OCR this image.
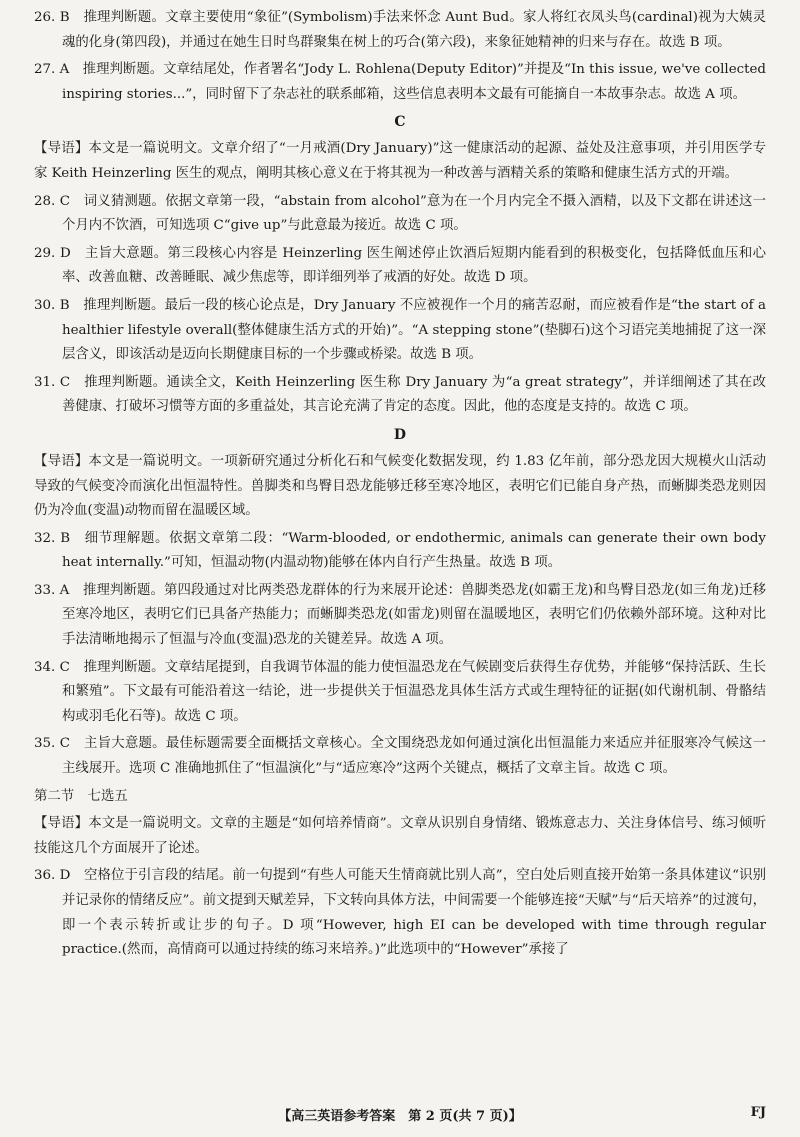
26. B　推理判断题。文章主要使用“象征”(Symbolism)手法来怀念 Aunt Bud。家人将红衣凤头鸟(cardinal)视为大姨灵魂的化身(第四段)，并通过在她生日时鸟群聚集在树上的巧合(第六段)，来象征她精神的归来与存在。故选 B 项。

27. A　推理判断题。文章结尾处，作者署名“Jody L. Rohlena(Deputy Editor)”并提及“In this issue, we've collected inspiring stories...”，同时留下了杂志社的联系邮箱，这些信息表明本文最有可能摘自一本故事杂志。故选 A 项。

C

【导语】本文是一篇说明文。文章介绍了“一月戒酒(Dry January)”这一健康活动的起源、益处及注意事项，并引用医学专家 Keith Heinzerling 医生的观点，阐明其核心意义在于将其视为一种改善与酒精关系的策略和健康生活方式的开端。

28. C　词义猜测题。依据文章第一段，“abstain from alcohol”意为在一个月内完全不摄入酒精，以及下文都在讲述这一个月内不饮酒，可知选项 C“give up”与此意最为接近。故选 C 项。

29. D　主旨大意题。第三段核心内容是 Heinzerling 医生阐述停止饮酒后短期内能看到的积极变化，包括降低血压和心率、改善血糖、改善睡眠、减少焦虑等，即详细列举了戒酒的好处。故选 D 项。

30. B　推理判断题。最后一段的核心论点是，Dry January 不应被视作一个月的痛苦忍耐，而应被看作是“the start of a healthier lifestyle overall(整体健康生活方式的开始)”。“A stepping stone”(垫脚石)这个习语完美地捕捉了这一深层含义，即该活动是迈向长期健康目标的一个步骤或桥梁。故选 B 项。

31. C　推理判断题。通读全文，Keith Heinzerling 医生称 Dry January 为“a great strategy”，并详细阐述了其在改善健康、打破坏习惯等方面的多重益处，其言论充满了肯定的态度。因此，他的态度是支持的。故选 C 项。

D

【导语】本文是一篇说明文。一项新研究通过分析化石和气候变化数据发现，约 1.83 亿年前，部分恐龙因大规模火山活动导致的气候变冷而演化出恒温特性。兽脚类和鸟臀目恐龙能够迁移至寒冷地区，表明它们已能自身产热，而蜥脚类恐龙则因仍为冷血(变温)动物而留在温暖区域。

32. B　细节理解题。依据文章第二段：“Warm-blooded, or endothermic, animals can generate their own body heat internally.”可知，恒温动物(内温动物)能够在体内自行产生热量。故选 B 项。

33. A　推理判断题。第四段通过对比两类恐龙群体的行为来展开论述：兽脚类恐龙(如霸王龙)和鸟臀目恐龙(如三角龙)迁移至寒冷地区，表明它们已具备产热能力；而蜥脚类恐龙(如雷龙)则留在温暖地区，表明它们仍依赖外部环境。这种对比手法清晰地揭示了恒温与冷血(变温)恐龙的关键差异。故选 A 项。

34. C　推理判断题。文章结尾提到，自我调节体温的能力使恒温恐龙在气候剧变后获得生存优势，并能够“保持活跃、生长和繁殖”。下文最有可能沿着这一结论，进一步提供关于恒温恐龙具体生活方式或生理特征的证据(如代谢机制、骨骼结构或羽毛化石等)。故选 C 项。

35. C　主旨大意题。最佳标题需要全面概括文章核心。全文围绕恐龙如何通过演化出恒温能力来适应并征服寒冷气候这一主线展开。选项 C 准确地抓住了“恒温演化”与“适应寒冷”这两个关键点，概括了文章主旨。故选 C 项。

第二节　七选五

【导语】本文是一篇说明文。文章的主题是“如何培养情商”。文章从识别自身情绪、锻炼意志力、关注身体信号、练习倾听技能这几个方面展开了论述。

36. D　空格位于引言段的结尾。前一句提到“有些人可能天生情商就比别人高”，空白处后则直接开始第一条具体建议“识别并记录你的情绪反应”。前文提到天赋差异，下文转向具体方法，中间需要一个能够连接“天赋”与“后天培养”的过渡句，即一个表示转折或让步的句子。D 项“However, high EI can be developed with time through regular practice.(然而，高情商可以通过持续的练习来培养。)”此选项中的“However”承接了

【高三英语参考答案　第 2 页(共 7 页)】	FJ
